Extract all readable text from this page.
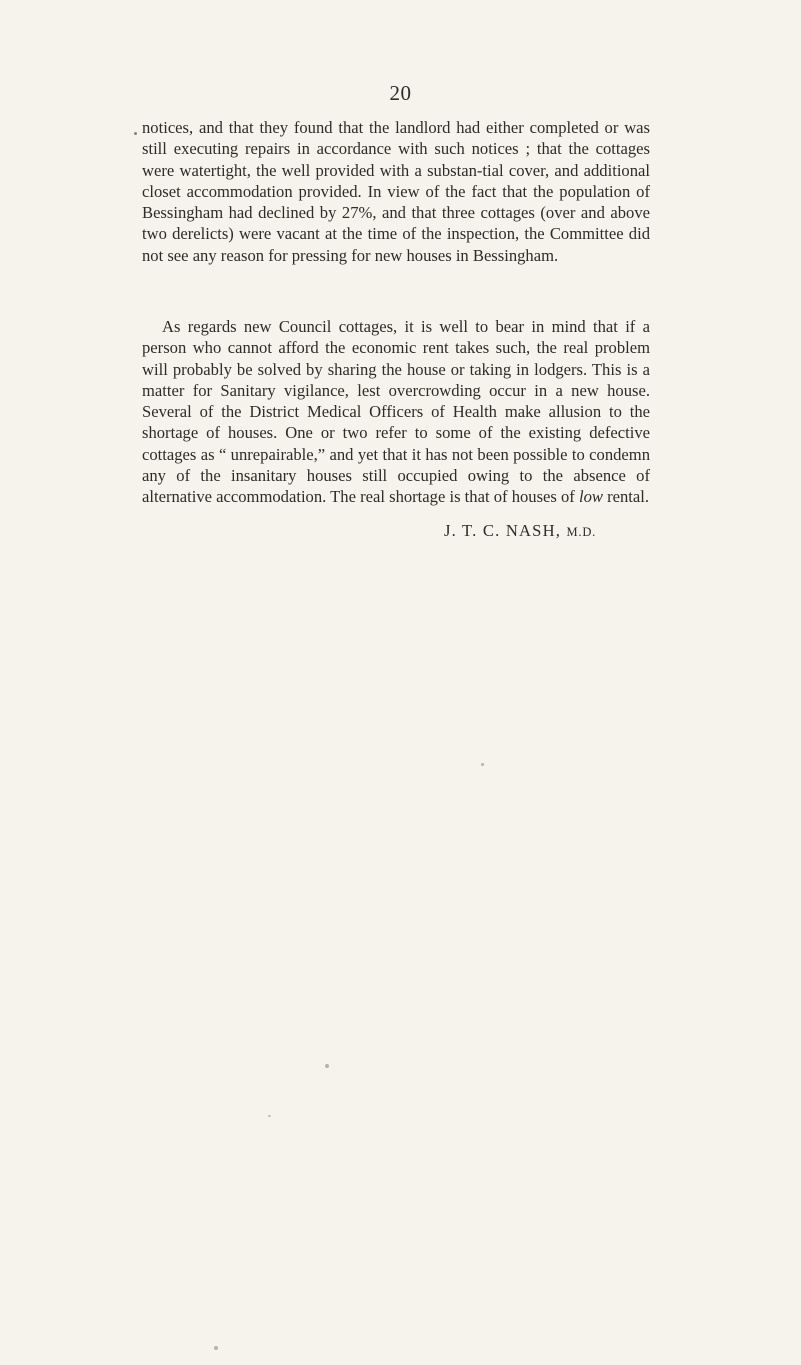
20

notices, and that they found that the landlord had either completed or was still executing repairs in accordance with such notices ; that the cottages were watertight, the well provided with a substan-tial cover, and additional closet accommodation provided. In view of the fact that the population of Bessingham had declined by 27%, and that three cottages (over and above two derelicts) were vacant at the time of the inspection, the Committee did not see any reason for pressing for new houses in Bessingham.

As regards new Council cottages, it is well to bear in mind that if a person who cannot afford the economic rent takes such, the real problem will probably be solved by sharing the house or taking in lodgers. This is a matter for Sanitary vigilance, lest overcrowding occur in a new house. Several of the District Medical Officers of Health make allusion to the shortage of houses. One or two refer to some of the existing defective cottages as “ unrepairable,” and yet that it has not been possible to condemn any of the insanitary houses still occupied owing to the absence of alternative accommodation. The real shortage is that of houses of low rental.

J. T. C. NASH, M.D.
